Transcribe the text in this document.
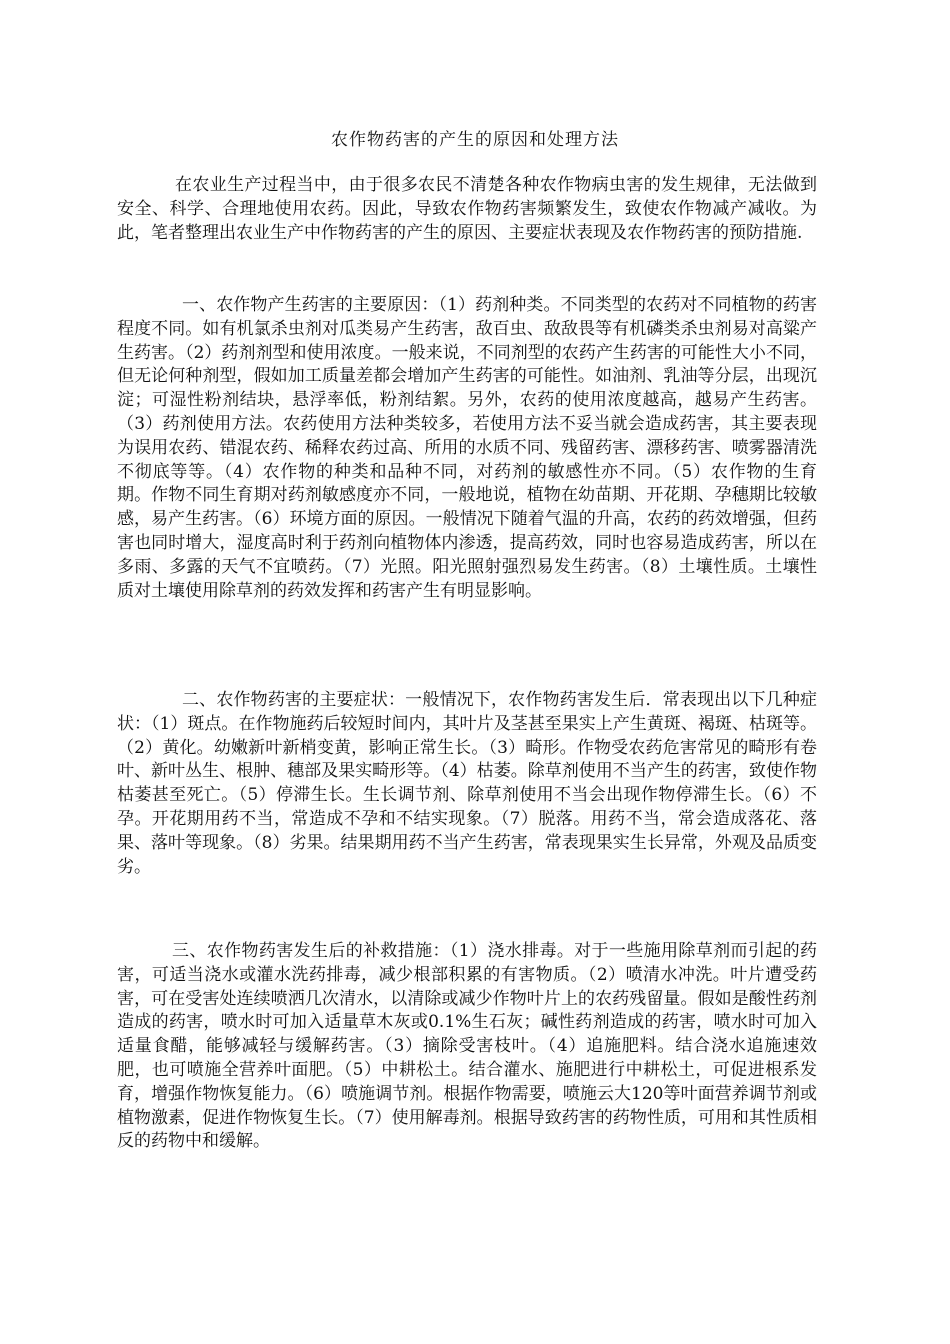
农作物药害的产生的原因和处理方法

在农业生产过程当中，由于很多农民不清楚各种农作物病虫害的发生规律，无法做到安全、科学、合理地使用农药。因此，导致农作物药害频繁发生，致使农作物减产减收。为此，笔者整理出农业生产中作物药害的产生的原因、主要症状表现及农作物药害的预防措施.

一、农作物产生药害的主要原因：（1）药剂种类。不同类型的农药对不同植物的药害程度不同。如有机氯杀虫剂对瓜类易产生药害，敌百虫、敌敌畏等有机磷类杀虫剂易对高粱产生药害。（2）药剂剂型和使用浓度。一般来说，不同剂型的农药产生药害的可能性大小不同，但无论何种剂型，假如加工质量差都会增加产生药害的可能性。如油剂、乳油等分层，出现沉淀；可湿性粉剂结块，悬浮率低，粉剂结絮。另外，农药的使用浓度越高，越易产生药害。（3）药剂使用方法。农药使用方法种类较多，若使用方法不妥当就会造成药害，其主要表现为误用农药、错混农药、稀释农药过高、所用的水质不同、残留药害、漂移药害、喷雾器清洗不彻底等等。（4）农作物的种类和品种不同，对药剂的敏感性亦不同。（5）农作物的生育期。作物不同生育期对药剂敏感度亦不同，一般地说，植物在幼苗期、开花期、孕穗期比较敏感，易产生药害。（6）环境方面的原因。一般情况下随着气温的升高，农药的药效增强，但药害也同时增大，湿度高时利于药剂向植物体内渗透，提高药效，同时也容易造成药害，所以在多雨、多露的天气不宜喷药。（7）光照。阳光照射强烈易发生药害。（8）土壤性质。土壤性质对土壤使用除草剂的药效发挥和药害产生有明显影响。

二、农作物药害的主要症状：一般情况下，农作物药害发生后．常表现出以下几种症状：（1）斑点。在作物施药后较短时间内，其叶片及茎甚至果实上产生黄斑、褐斑、枯斑等。（2）黄化。幼嫩新叶新梢变黄，影响正常生长。（3）畸形。作物受农药危害常见的畸形有卷叶、新叶丛生、根肿、穗部及果实畸形等。（4）枯萎。除草剂使用不当产生的药害，致使作物枯萎甚至死亡。（5）停滞生长。生长调节剂、除草剂使用不当会出现作物停滞生长。（6）不孕。开花期用药不当，常造成不孕和不结实现象。（7）脱落。用药不当，常会造成落花、落果、落叶等现象。（8）劣果。结果期用药不当产生药害，常表现果实生长异常，外观及品质变劣。

三、农作物药害发生后的补救措施：（1）浇水排毒。对于一些施用除草剂而引起的药害，可适当浇水或灌水洗药排毒，减少根部积累的有害物质。（2）喷清水冲洗。叶片遭受药害，可在受害处连续喷洒几次清水，以清除或减少作物叶片上的农药残留量。假如是酸性药剂造成的药害，喷水时可加入适量草木灰或0.1%生石灰；碱性药剂造成的药害，喷水时可加入适量食醋，能够减轻与缓解药害。（3）摘除受害枝叶。（4）追施肥料。结合浇水追施速效肥，也可喷施全营养叶面肥。（5）中耕松土。结合灌水、施肥进行中耕松土，可促进根系发育，增强作物恢复能力。（6）喷施调节剂。根据作物需要，喷施云大120等叶面营养调节剂或植物激素，促进作物恢复生长。（7）使用解毒剂。根据导致药害的药物性质，可用和其性质相反的药物中和缓解。
